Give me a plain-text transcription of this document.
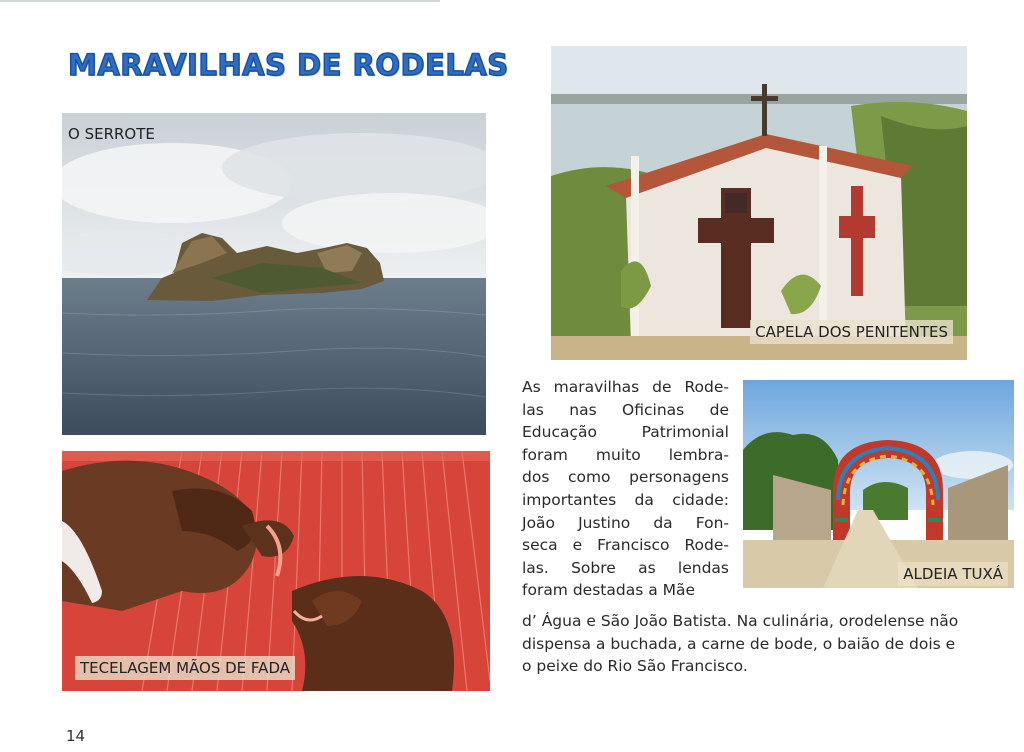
MARAVILHAS DE RODELAS
O SERROTE
CAPELA DOS PENITENTES
TECELAGEM MÃOS DE FADA
ALDEIA TUXÁ
As maravilhas de Rode-
las nas Oficinas de
Educação Patrimonial
foram muito lembra-
dos como personagens
importantes da cidade:
João Justino da Fon-
seca e Francisco Rode-
las. Sobre as lendas
foram destadas a Mãe
d’ Água e São João Batista. Na culinária, orodelense não
dispensa a buchada, a carne de bode, o baião de dois e
o peixe do Rio São Francisco.
14
